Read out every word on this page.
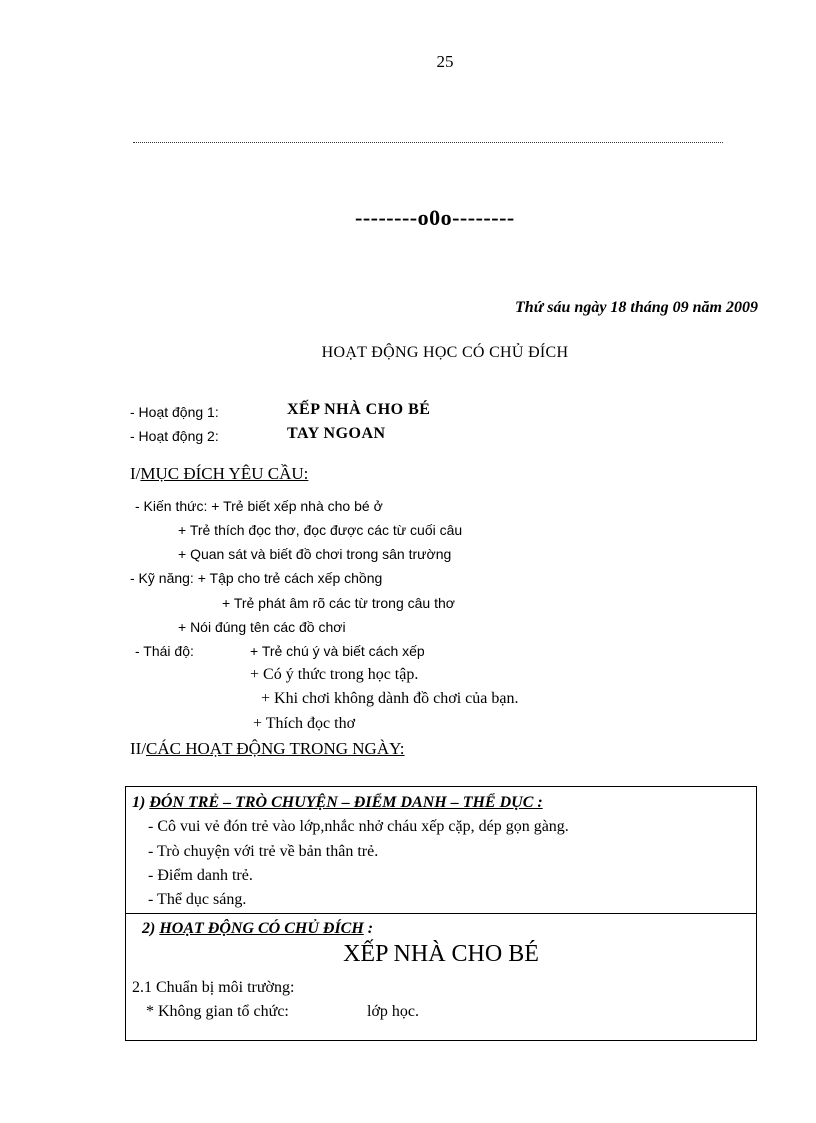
25
--------o0o--------
Thứ sáu ngày 18 tháng 09 năm 2009
HOẠT ĐỘNG HỌC CÓ CHỦ ĐÍCH
- Hoạt động 1:	XẾP NHÀ CHO BÉ
- Hoạt động 2:	TAY NGOAN
I/MỤC ĐÍCH YÊU CẦU:
- Kiến thức: + Trẻ biết xếp nhà cho bé ở
+ Trẻ thích đọc thơ, đọc được các từ cuối câu
+ Quan sát và biết đồ chơi trong sân trường
- Kỹ năng: + Tập cho trẻ cách xếp chồng
+ Trẻ phát âm rõ các từ trong câu thơ
+ Nói đúng tên các đồ chơi
- Thái độ:	+ Trẻ chú ý và biết cách xếp
+ Có ý thức trong học tập.
+ Khi chơi không dành đồ chơi của bạn.
+ Thích đọc thơ
II/CÁC HOẠT ĐỘNG TRONG NGÀY:
1) ĐÓN TRẺ – TRÒ CHUYỆN – ĐIỂM DANH – THỂ DỤC :
- Cô vui vẻ đón trẻ vào lớp,nhắc nhở cháu xếp cặp, dép gọn gàng.
- Trò chuyện với trẻ về bản thân trẻ.
- Điểm danh trẻ.
- Thể dục sáng.
2) HOẠT ĐỘNG CÓ CHỦ ĐÍCH :
XẾP NHÀ CHO BÉ
2.1 Chuẩn bị môi trường:
* Không gian tổ chức:	lớp học.
